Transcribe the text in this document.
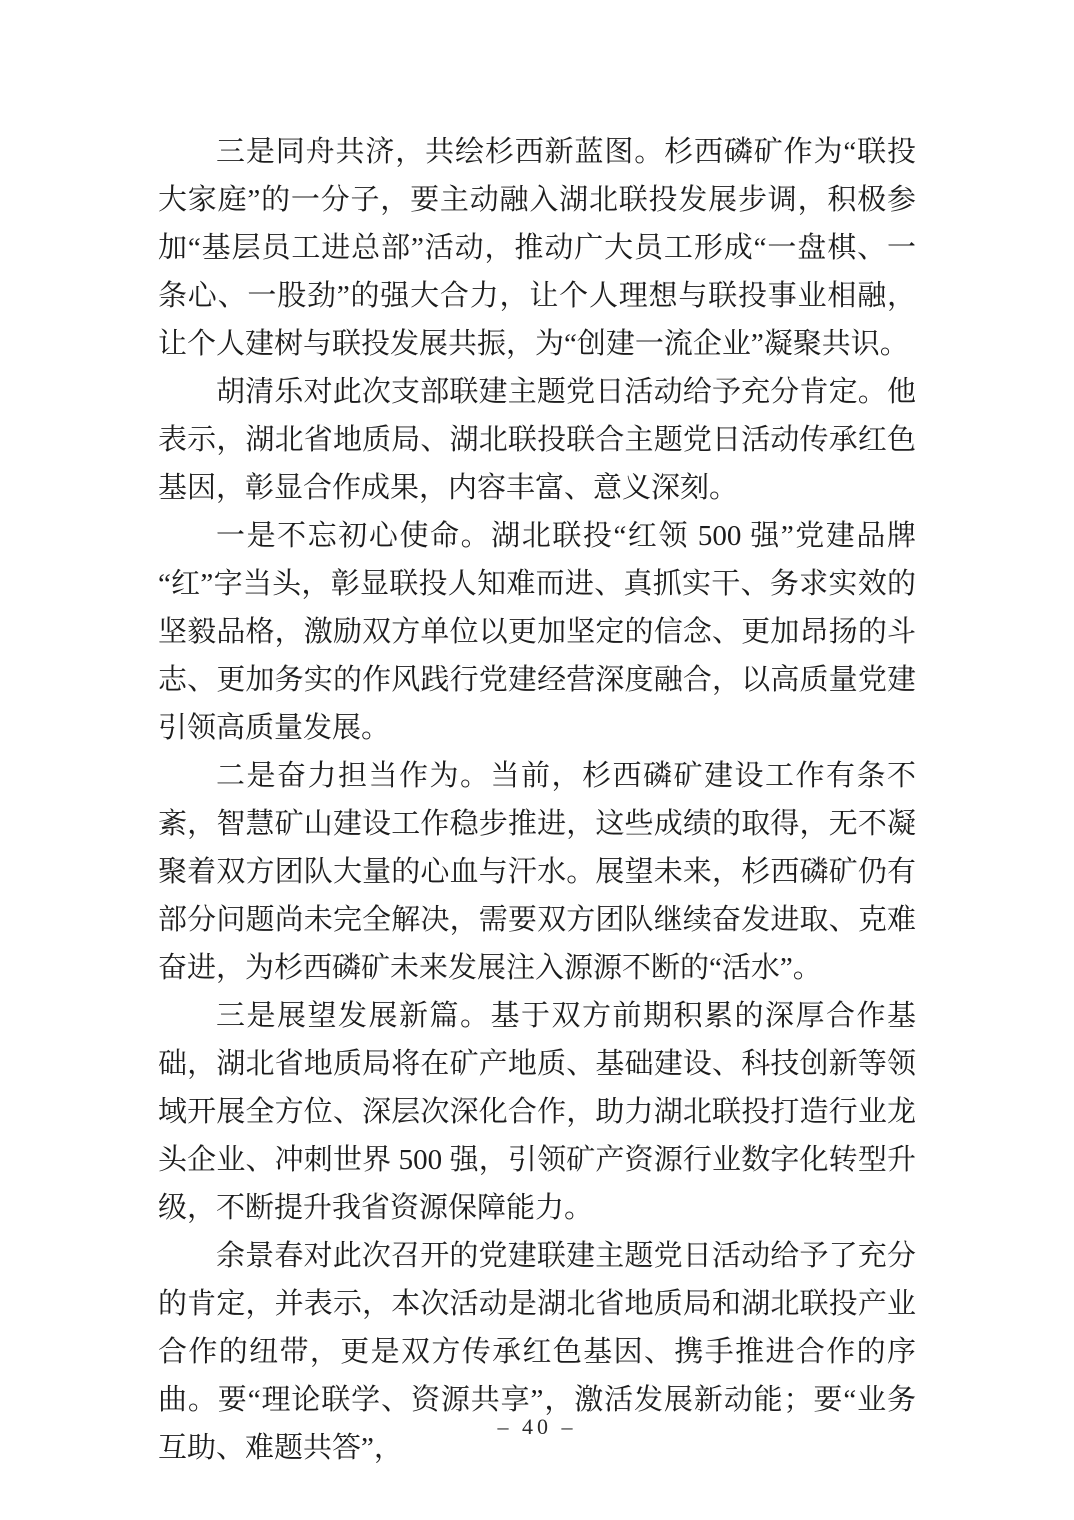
三是同舟共济，共绘杉西新蓝图。杉西磷矿作为“联投大家庭”的一分子，要主动融入湖北联投发展步调，积极参加“基层员工进总部”活动，推动广大员工形成“一盘棋、一条心、一股劲”的强大合力，让个人理想与联投事业相融，让个人建树与联投发展共振，为“创建一流企业”凝聚共识。

胡清乐对此次支部联建主题党日活动给予充分肯定。他表示，湖北省地质局、湖北联投联合主题党日活动传承红色基因，彰显合作成果，内容丰富、意义深刻。

一是不忘初心使命。湖北联投“红领 500 强”党建品牌“红”字当头，彰显联投人知难而进、真抓实干、务求实效的坚毅品格，激励双方单位以更加坚定的信念、更加昂扬的斗志、更加务实的作风践行党建经营深度融合，以高质量党建引领高质量发展。

二是奋力担当作为。当前，杉西磷矿建设工作有条不紊，智慧矿山建设工作稳步推进，这些成绩的取得，无不凝聚着双方团队大量的心血与汗水。展望未来，杉西磷矿仍有部分问题尚未完全解决，需要双方团队继续奋发进取、克难奋进，为杉西磷矿未来发展注入源源不断的“活水”。

三是展望发展新篇。基于双方前期积累的深厚合作基础，湖北省地质局将在矿产地质、基础建设、科技创新等领域开展全方位、深层次深化合作，助力湖北联投打造行业龙头企业、冲刺世界 500 强，引领矿产资源行业数字化转型升级，不断提升我省资源保障能力。

余景春对此次召开的党建联建主题党日活动给予了充分的肯定，并表示，本次活动是湖北省地质局和湖北联投产业合作的纽带，更是双方传承红色基因、携手推进合作的序曲。要“理论联学、资源共享”，激活发展新动能；要“业务互助、难题共答”，

– 40 –
